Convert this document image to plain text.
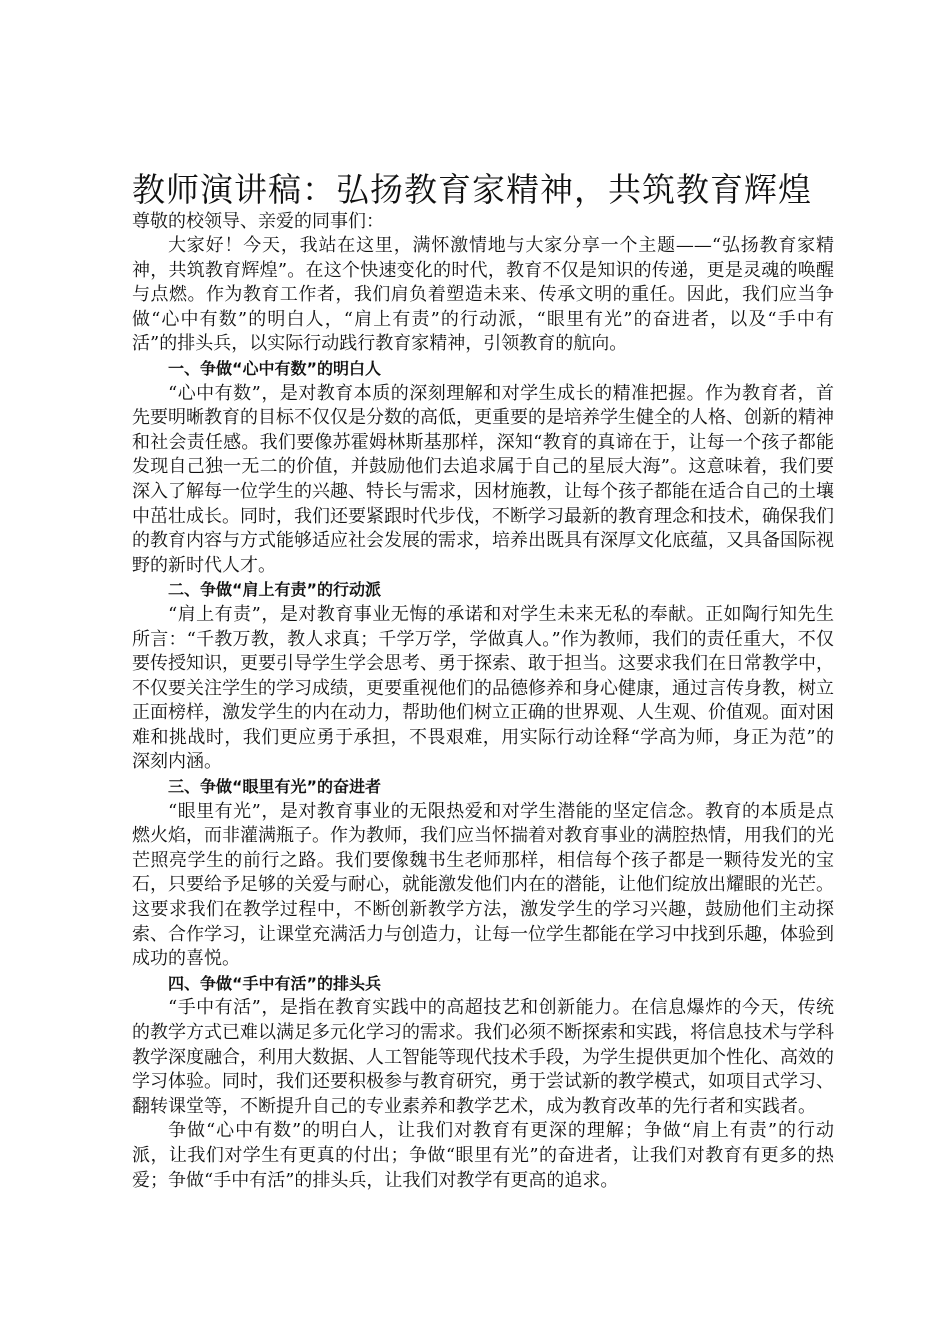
教师演讲稿：弘扬教育家精神，共筑教育辉煌

尊敬的校领导、亲爱的同事们：

大家好！今天，我站在这里，满怀激情地与大家分享一个主题——“弘扬教育家精神，共筑教育辉煌”。在这个快速变化的时代，教育不仅是知识的传递，更是灵魂的唤醒与点燃。作为教育工作者，我们肩负着塑造未来、传承文明的重任。因此，我们应当争做“心中有数”的明白人，“肩上有责”的行动派，“眼里有光”的奋进者，以及“手中有活”的排头兵，以实际行动践行教育家精神，引领教育的航向。

一、争做“心中有数”的明白人

“心中有数”，是对教育本质的深刻理解和对学生成长的精准把握。作为教育者，首先要明晰教育的目标不仅仅是分数的高低，更重要的是培养学生健全的人格、创新的精神和社会责任感。我们要像苏霍姆林斯基那样，深知“教育的真谛在于，让每一个孩子都能发现自己独一无二的价值，并鼓励他们去追求属于自己的星辰大海”。这意味着，我们要深入了解每一位学生的兴趣、特长与需求，因材施教，让每个孩子都能在适合自己的土壤中茁壮成长。同时，我们还要紧跟时代步伐，不断学习最新的教育理念和技术，确保我们的教育内容与方式能够适应社会发展的需求，培养出既具有深厚文化底蕴，又具备国际视野的新时代人才。

二、争做“肩上有责”的行动派

“肩上有责”，是对教育事业无悔的承诺和对学生未来无私的奉献。正如陶行知先生所言：“千教万教，教人求真；千学万学，学做真人。”作为教师，我们的责任重大，不仅要传授知识，更要引导学生学会思考、勇于探索、敢于担当。这要求我们在日常教学中，不仅要关注学生的学习成绩，更要重视他们的品德修养和身心健康，通过言传身教，树立正面榜样，激发学生的内在动力，帮助他们树立正确的世界观、人生观、价值观。面对困难和挑战时，我们更应勇于承担，不畏艰难，用实际行动诠释“学高为师，身正为范”的深刻内涵。

三、争做“眼里有光”的奋进者

“眼里有光”，是对教育事业的无限热爱和对学生潜能的坚定信念。教育的本质是点燃火焰，而非灌满瓶子。作为教师，我们应当怀揣着对教育事业的满腔热情，用我们的光芒照亮学生的前行之路。我们要像魏书生老师那样，相信每个孩子都是一颗待发光的宝石，只要给予足够的关爱与耐心，就能激发他们内在的潜能，让他们绽放出耀眼的光芒。这要求我们在教学过程中，不断创新教学方法，激发学生的学习兴趣，鼓励他们主动探索、合作学习，让课堂充满活力与创造力，让每一位学生都能在学习中找到乐趣，体验到成功的喜悦。

四、争做“手中有活”的排头兵

“手中有活”，是指在教育实践中的高超技艺和创新能力。在信息爆炸的今天，传统的教学方式已难以满足多元化学习的需求。我们必须不断探索和实践，将信息技术与学科教学深度融合，利用大数据、人工智能等现代技术手段，为学生提供更加个性化、高效的学习体验。同时，我们还要积极参与教育研究，勇于尝试新的教学模式，如项目式学习、翻转课堂等，不断提升自己的专业素养和教学艺术，成为教育改革的先行者和实践者。

争做“心中有数”的明白人，让我们对教育有更深的理解；争做“肩上有责”的行动派，让我们对学生有更真的付出；争做“眼里有光”的奋进者，让我们对教育有更多的热爱；争做“手中有活”的排头兵，让我们对教学有更高的追求。
